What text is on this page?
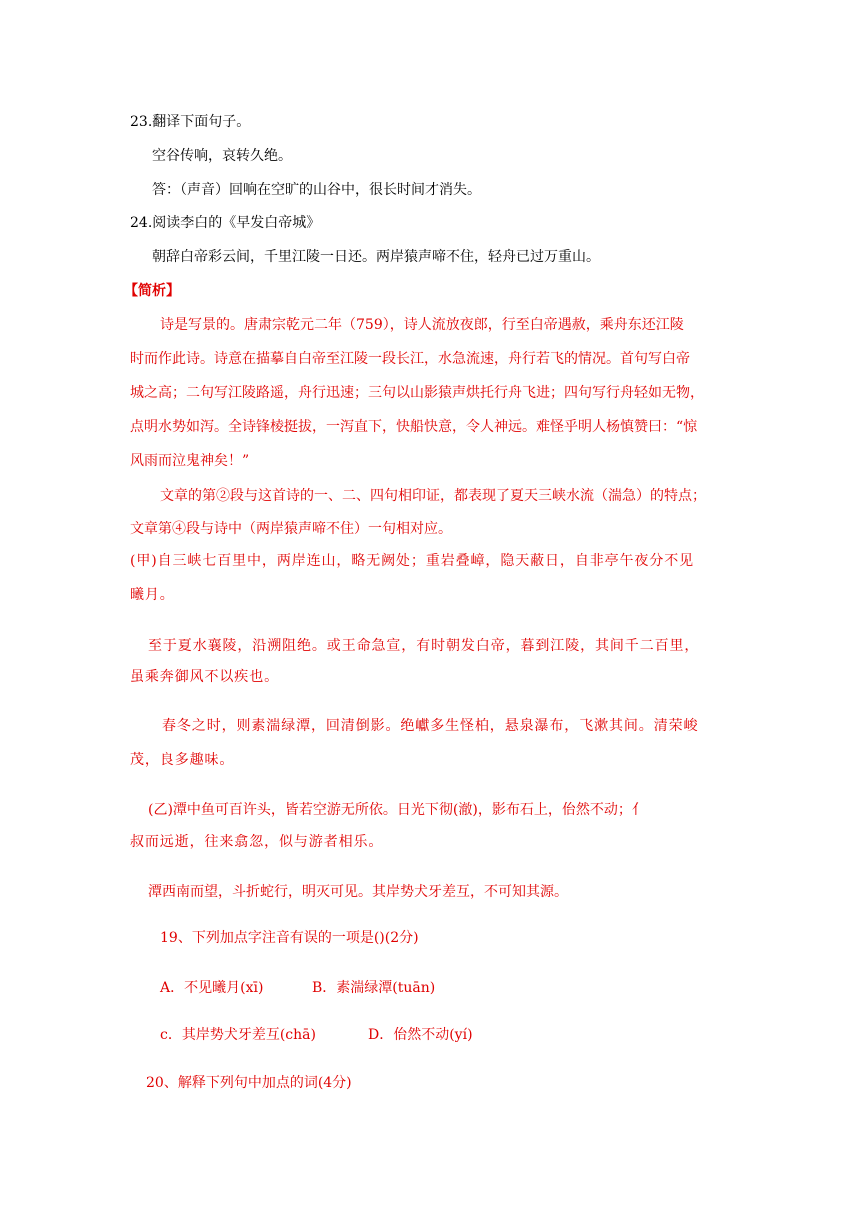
23.翻译下面句子。
空谷传响，哀转久绝。
答：（声音）回响在空旷的山谷中，很长时间才消失。
24.阅读李白的《早发白帝城》
朝辞白帝彩云间，千里江陵一日还。两岸猿声啼不住，轻舟已过万重山。
【简析】
诗是写景的。唐肃宗乾元二年（759），诗人流放夜郎，行至白帝遇赦，乘舟东还江陵
时而作此诗。诗意在描摹自白帝至江陵一段长江，水急流速，舟行若飞的情况。首句写白帝
城之高；二句写江陵路遥，舟行迅速；三句以山影猿声烘托行舟飞进；四句写行舟轻如无物，
点明水势如泻。全诗锋棱挺拔，一泻直下，快船快意，令人神远。难怪乎明人杨慎赞曰：“惊
风雨而泣鬼神矣！”
文章的第②段与这首诗的一、二、四句相印证，都表现了夏天三峡水流（湍急）的特点；
文章第④段与诗中（两岸猿声啼不住）一句相对应。
(甲)自三峡七百里中，两岸连山，略无阙处；重岩叠嶂，隐天蔽日，自非亭午夜分不见
曦月。
至于夏水襄陵，沿溯阻绝。或王命急宣，有时朝发白帝，暮到江陵，其间千二百里，
虽乘奔御风不以疾也。
春冬之时，则素湍绿潭，回清倒影。绝巘多生怪柏，悬泉瀑布，飞漱其间。清荣峻
茂，良多趣味。
(乙)潭中鱼可百许头，皆若空游无所依。日光下彻(澈)，影布石上，佁然不动；亻
叔而远逝，往来翕忽，似与游者相乐。
潭西南而望，斗折蛇行，明灭可见。其岸势犬牙差互，不可知其源。
19、下列加点字注音有误的一项是()(2分)
A．不见曦月(xī)	B．素湍绿潭(tuān)
c．其岸势犬牙差互(chā)	D．佁然不动(yí)
20、解释下列句中加点的词(4分)
